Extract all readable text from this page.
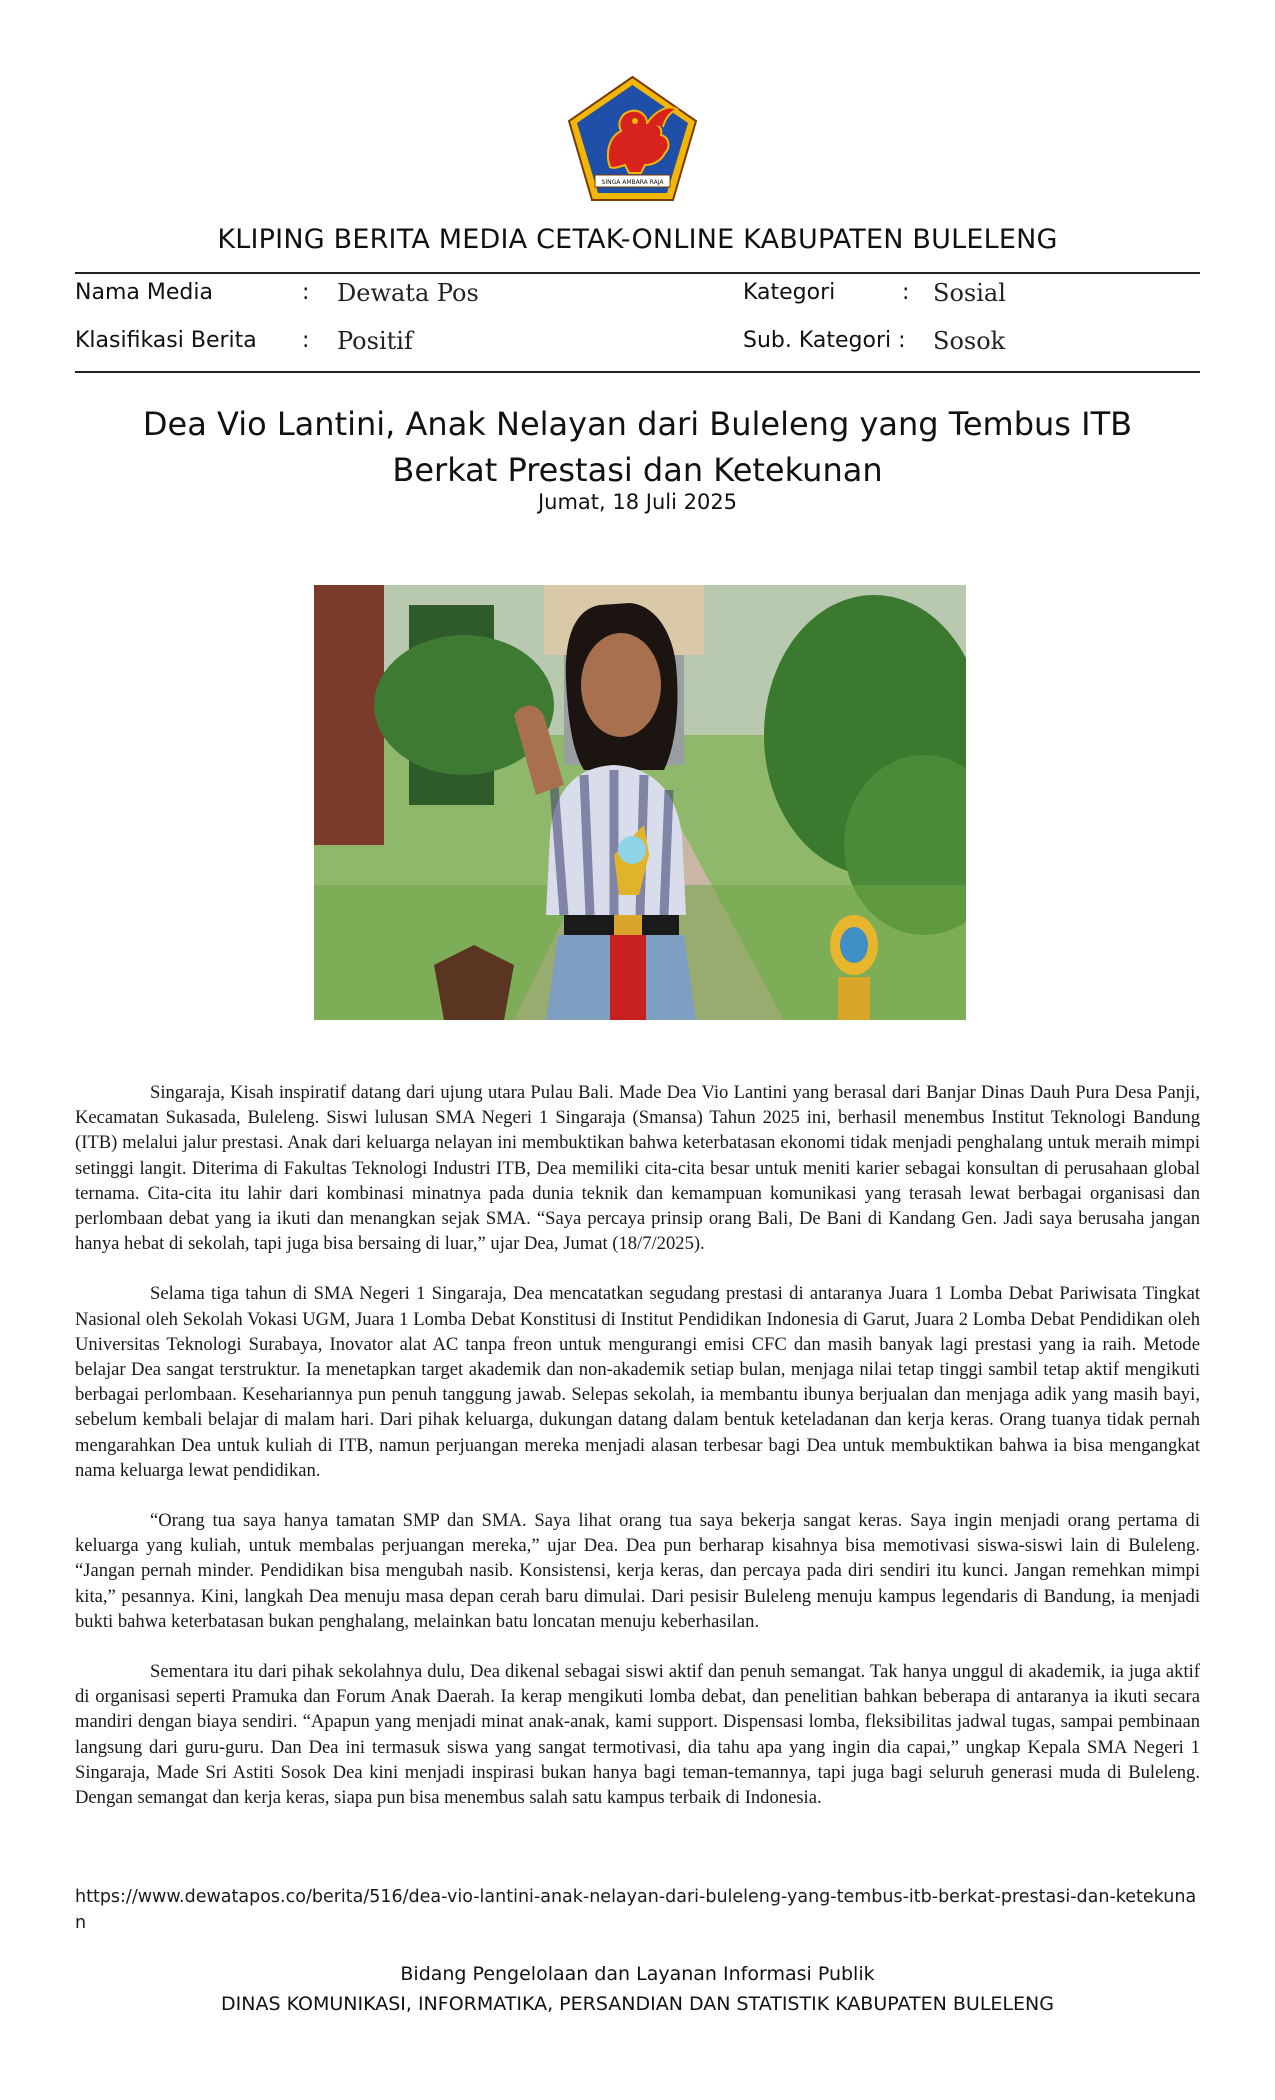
SINGA AMBARA RAJA
KLIPING BERITA MEDIA CETAK-ONLINE KABUPATEN BULELENG
Nama Media	: Dewata Pos	Kategori	: Sosial
Klasifikasi Berita : Positif	Sub. Kategori : Sosok
Dea Vio Lantini, Anak Nelayan dari Buleleng yang Tembus ITB
Berkat Prestasi dan Ketekunan
Jumat, 18 Juli 2025

Singaraja, Kisah inspiratif datang dari ujung utara Pulau Bali. Made Dea Vio Lantini yang berasal dari Banjar Dinas Dauh Pura Desa Panji, Kecamatan Sukasada, Buleleng. Siswi lulusan SMA Negeri 1 Singaraja (Smansa) Tahun 2025 ini, berhasil menembus Institut Teknologi Bandung (ITB) melalui jalur prestasi. Anak dari keluarga nelayan ini membuktikan bahwa keterbatasan ekonomi tidak menjadi penghalang untuk meraih mimpi setinggi langit. Diterima di Fakultas Teknologi Industri ITB, Dea memiliki cita-cita besar untuk meniti karier sebagai konsultan di perusahaan global ternama. Cita-cita itu lahir dari kombinasi minatnya pada dunia teknik dan kemampuan komunikasi yang terasah lewat berbagai organisasi dan perlombaan debat yang ia ikuti dan menangkan sejak SMA. “Saya percaya prinsip orang Bali, De Bani di Kandang Gen. Jadi saya berusaha jangan hanya hebat di sekolah, tapi juga bisa bersaing di luar,” ujar Dea, Jumat (18/7/2025).

Selama tiga tahun di SMA Negeri 1 Singaraja, Dea mencatatkan segudang prestasi di antaranya Juara 1 Lomba Debat Pariwisata Tingkat Nasional oleh Sekolah Vokasi UGM, Juara 1 Lomba Debat Konstitusi di Institut Pendidikan Indonesia di Garut, Juara 2 Lomba Debat Pendidikan oleh Universitas Teknologi Surabaya, Inovator alat AC tanpa freon untuk mengurangi emisi CFC dan masih banyak lagi prestasi yang ia raih. Metode belajar Dea sangat terstruktur. Ia menetapkan target akademik dan non-akademik setiap bulan, menjaga nilai tetap tinggi sambil tetap aktif mengikuti berbagai perlombaan. Kesehariannya pun penuh tanggung jawab. Selepas sekolah, ia membantu ibunya berjualan dan menjaga adik yang masih bayi, sebelum kembali belajar di malam hari. Dari pihak keluarga, dukungan datang dalam bentuk keteladanan dan kerja keras. Orang tuanya tidak pernah mengarahkan Dea untuk kuliah di ITB, namun perjuangan mereka menjadi alasan terbesar bagi Dea untuk membuktikan bahwa ia bisa mengangkat nama keluarga lewat pendidikan.

“Orang tua saya hanya tamatan SMP dan SMA. Saya lihat orang tua saya bekerja sangat keras. Saya ingin menjadi orang pertama di keluarga yang kuliah, untuk membalas perjuangan mereka,” ujar Dea. Dea pun berharap kisahnya bisa memotivasi siswa-siswi lain di Buleleng. “Jangan pernah minder. Pendidikan bisa mengubah nasib. Konsistensi, kerja keras, dan percaya pada diri sendiri itu kunci. Jangan remehkan mimpi kita,” pesannya. Kini, langkah Dea menuju masa depan cerah baru dimulai. Dari pesisir Buleleng menuju kampus legendaris di Bandung, ia menjadi bukti bahwa keterbatasan bukan penghalang, melainkan batu loncatan menuju keberhasilan.

Sementara itu dari pihak sekolahnya dulu, Dea dikenal sebagai siswi aktif dan penuh semangat. Tak hanya unggul di akademik, ia juga aktif di organisasi seperti Pramuka dan Forum Anak Daerah. Ia kerap mengikuti lomba debat, dan penelitian bahkan beberapa di antaranya ia ikuti secara mandiri dengan biaya sendiri. “Apapun yang menjadi minat anak-anak, kami support. Dispensasi lomba, fleksibilitas jadwal tugas, sampai pembinaan langsung dari guru-guru. Dan Dea ini termasuk siswa yang sangat termotivasi, dia tahu apa yang ingin dia capai,” ungkap Kepala SMA Negeri 1 Singaraja, Made Sri Astiti Sosok Dea kini menjadi inspirasi bukan hanya bagi teman-temannya, tapi juga bagi seluruh generasi muda di Buleleng. Dengan semangat dan kerja keras, siapa pun bisa menembus salah satu kampus terbaik di Indonesia.

https://www.dewatapos.co/berita/516/dea-vio-lantini-anak-nelayan-dari-buleleng-yang-tembus-itb-berkat-prestasi-dan-ketekunan
Bidang Pengelolaan dan Layanan Informasi Publik
DINAS KOMUNIKASI, INFORMATIKA, PERSANDIAN DAN STATISTIK KABUPATEN BULELENG
